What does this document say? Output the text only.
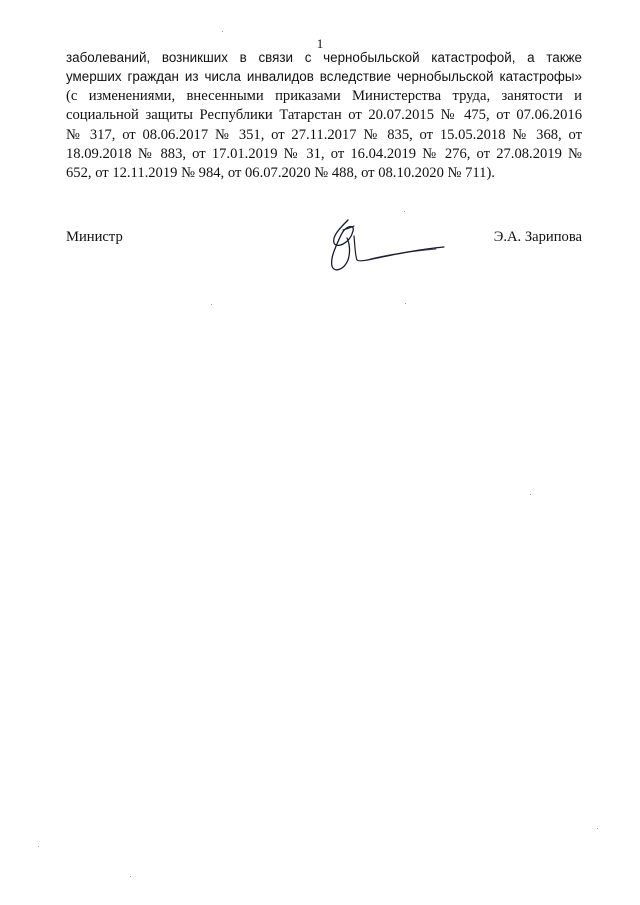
1
заболеваний, возникших в связи с чернобыльской катастрофой, а также
умерших граждан из числа инвалидов вследствие чернобыльской катастрофы»
(с изменениями, внесенными приказами Министерства труда, занятости и
социальной защиты Республики Татарстан от 20.07.2015 № 475, от 07.06.2016
№ 317, от 08.06.2017 № 351, от 27.11.2017 № 835, от 15.05.2018 № 368, от
18.09.2018 № 883, от 17.01.2019 № 31, от 16.04.2019 № 276, от 27.08.2019 №
652, от 12.11.2019 № 984, от 06.07.2020 № 488, от 08.10.2020 № 711).
Министр	Э.А. Зарипова
